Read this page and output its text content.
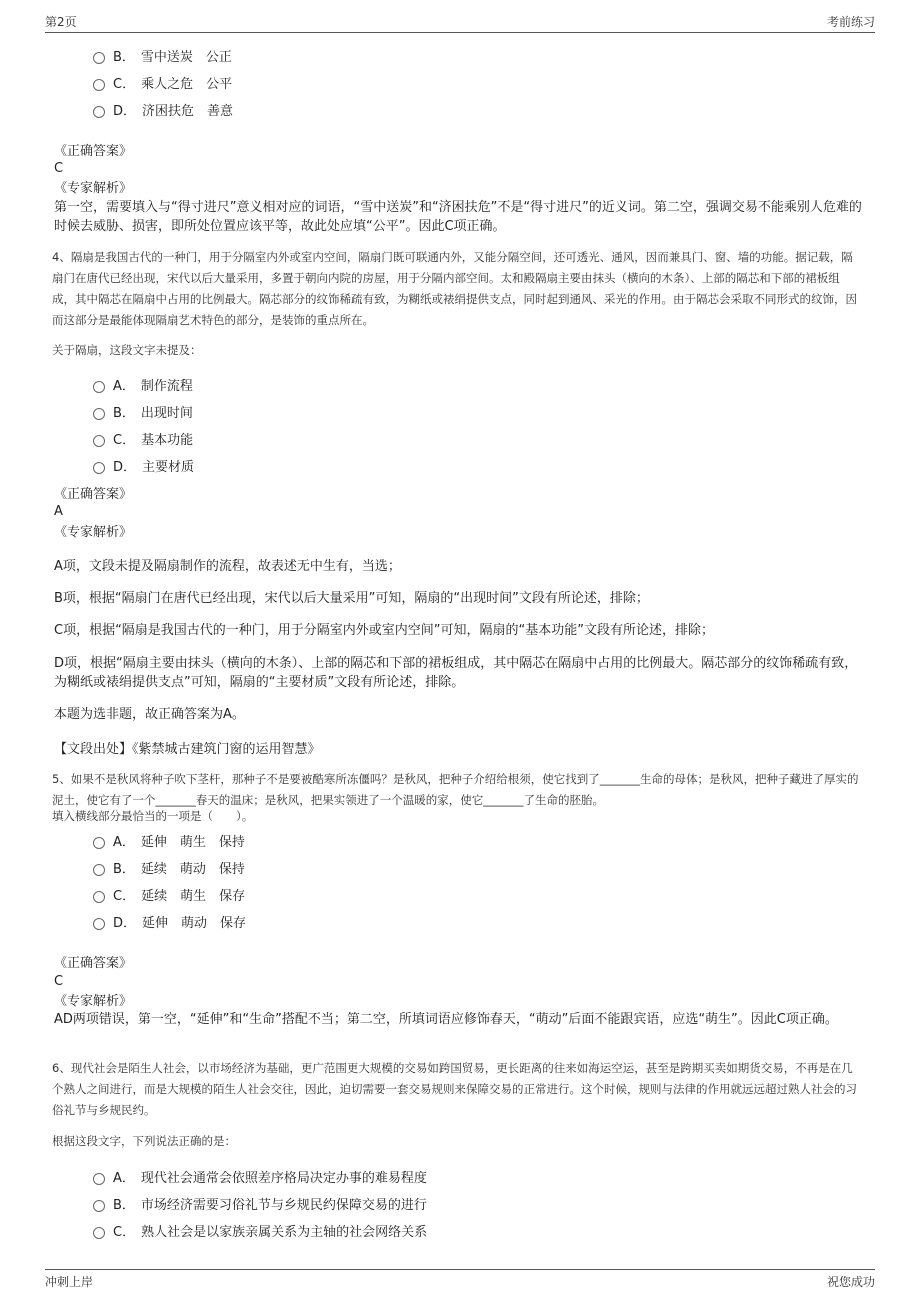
第2页	考前练习
B． 雪中送炭　公正
C． 乘人之危　公平
D． 济困扶危　善意
《正确答案》
C
《专家解析》
第一空，需要填入与“得寸进尺”意义相对应的词语，“雪中送炭”和“济困扶危”不是“得寸进尺”的近义词。第二空，强调交易不能乘别人危难的时候去威胁、损害，即所处位置应该平等，故此处应填“公平”。因此C项正确。
4、隔扇是我国古代的一种门，用于分隔室内外或室内空间，隔扇门既可联通内外，又能分隔空间，还可透光、通风，因而兼具门、窗、墙的功能。据记载，隔扇门在唐代已经出现，宋代以后大量采用，多置于朝向内院的房屋，用于分隔内部空间。太和殿隔扇主要由抹头（横向的木条）、上部的隔芯和下部的裙板组成，其中隔芯在隔扇中占用的比例最大。隔芯部分的纹饰稀疏有致，为糊纸或裱绢提供支点，同时起到通风、采光的作用。由于隔芯会采取不同形式的纹饰，因而这部分是最能体现隔扇艺术特色的部分，是装饰的重点所在。
关于隔扇，这段文字未提及：
A． 制作流程
B． 出现时间
C． 基本功能
D． 主要材质
《正确答案》
A
《专家解析》
A项，文段未提及隔扇制作的流程，故表述无中生有，当选；
B项，根据“隔扇门在唐代已经出现，宋代以后大量采用”可知，隔扇的“出现时间”文段有所论述，排除；
C项，根据“隔扇是我国古代的一种门，用于分隔室内外或室内空间”可知，隔扇的“基本功能”文段有所论述，排除；
D项，根据“隔扇主要由抹头（横向的木条）、上部的隔芯和下部的裙板组成，其中隔芯在隔扇中占用的比例最大。隔芯部分的纹饰稀疏有致，为糊纸或裱绢提供支点”可知，隔扇的“主要材质”文段有所论述，排除。
本题为选非题，故正确答案为A。
【文段出处】《紫禁城古建筑门窗的运用智慧》
5、如果不是秋风将种子吹下茎杆，那种子不是要被酷寒所冻僵吗？是秋风，把种子介绍给根须，使它找到了_______生命的母体；是秋风，把种子藏进了厚实的泥土，使它有了一个_______春天的温床；是秋风，把果实领进了一个温暖的家，使它_______了生命的胚胎。
填入横线部分最恰当的一项是（　　）。
A． 延伸　萌生　保持
B． 延续　萌动　保持
C． 延续　萌生　保存
D． 延伸　萌动　保存
《正确答案》
C
《专家解析》
AD两项错误，第一空，“延伸”和“生命”搭配不当；第二空，所填词语应修饰春天，“萌动”后面不能跟宾语，应选“萌生”。因此C项正确。
6、现代社会是陌生人社会，以市场经济为基础，更广范围更大规模的交易如跨国贸易，更长距离的往来如海运空运，甚至是跨期买卖如期货交易，不再是在几个熟人之间进行，而是大规模的陌生人社会交往，因此，迫切需要一套交易规则来保障交易的正常进行。这个时候，规则与法律的作用就远远超过熟人社会的习俗礼节与乡规民约。
根据这段文字，下列说法正确的是：
A． 现代社会通常会依照差序格局决定办事的难易程度
B． 市场经济需要习俗礼节与乡规民约保障交易的进行
C． 熟人社会是以家族亲属关系为主轴的社会网络关系
冲刺上岸	祝您成功
